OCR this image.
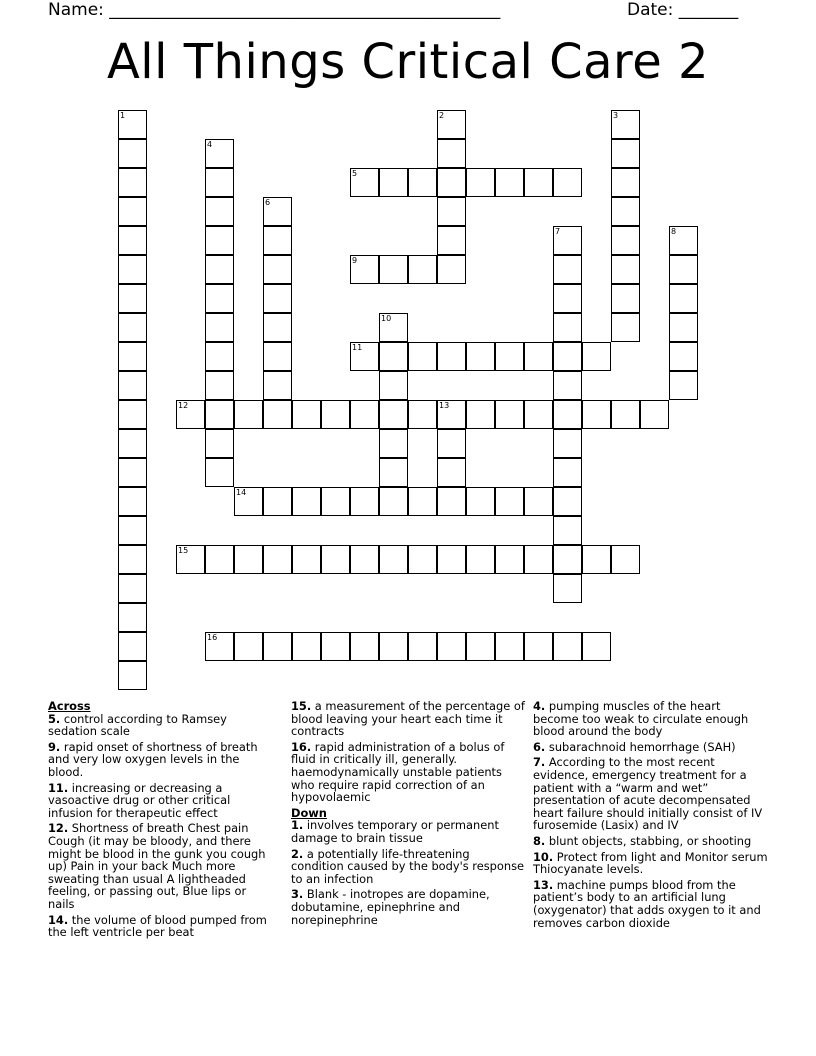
Name: ______________________________________________	Date: _______
All Things Critical Care 2
1	2	3
4
5
6
7	8
9
10
11
12	13
14
15
16
Across
5. control according to Ramsey sedation scale
9. rapid onset of shortness of breath and very low oxygen levels in the blood.
11. increasing or decreasing a vasoactive drug or other critical infusion for therapeutic effect
12. Shortness of breath Chest pain Cough (it may be bloody, and there might be blood in the gunk you cough up) Pain in your back Much more sweating than usual A lightheaded feeling, or passing out, Blue lips or nails
14. the volume of blood pumped from the left ventricle per beat
15. a measurement of the percentage of blood leaving your heart each time it contracts
16. rapid administration of a bolus of fluid in critically ill, generally. haemodynamically unstable patients who require rapid correction of an hypovolaemic
Down
1. involves temporary or permanent damage to brain tissue
2. a potentially life-threatening condition caused by the body's response to an infection
3. Blank - inotropes are dopamine, dobutamine, epinephrine and norepinephrine
4. pumping muscles of the heart become too weak to circulate enough blood around the body
6. subarachnoid hemorrhage (SAH)
7. According to the most recent evidence, emergency treatment for a patient with a “warm and wet” presentation of acute decompensated heart failure should initially consist of IV furosemide (Lasix) and IV
8. blunt objects, stabbing, or shooting
10. Protect from light and Monitor serum Thiocyanate levels.
13. machine pumps blood from the patient’s body to an artificial lung (oxygenator) that adds oxygen to it and removes carbon dioxide
